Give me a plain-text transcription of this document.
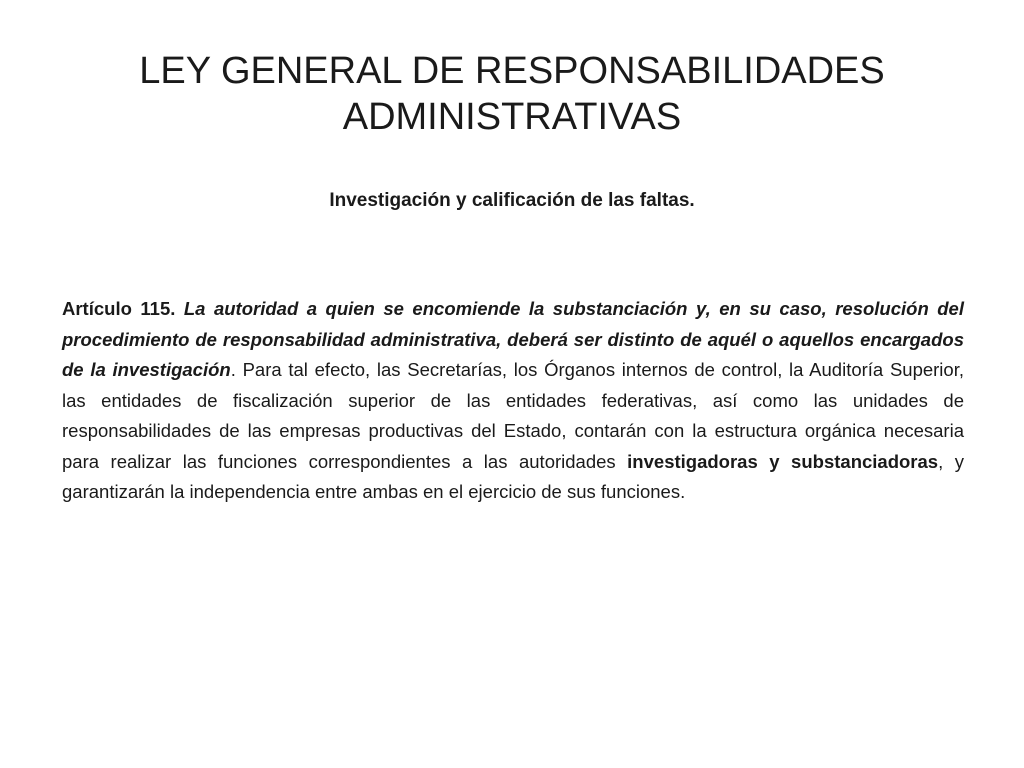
LEY GENERAL DE RESPONSABILIDADES
ADMINISTRATIVAS
Investigación y calificación de las faltas.

Artículo 115. La autoridad a quien se encomiende la substanciación y, en su caso, resolución del procedimiento de responsabilidad administrativa, deberá ser distinto de aquél o aquellos encargados de la investigación. Para tal efecto, las Secretarías, los Órganos internos de control, la Auditoría Superior, las entidades de fiscalización superior de las entidades federativas, así como las unidades de responsabilidades de las empresas productivas del Estado, contarán con la estructura orgánica necesaria para realizar las funciones correspondientes a las autoridades investigadoras y substanciadoras, y garantizarán la independencia entre ambas en el ejercicio de sus funciones.
